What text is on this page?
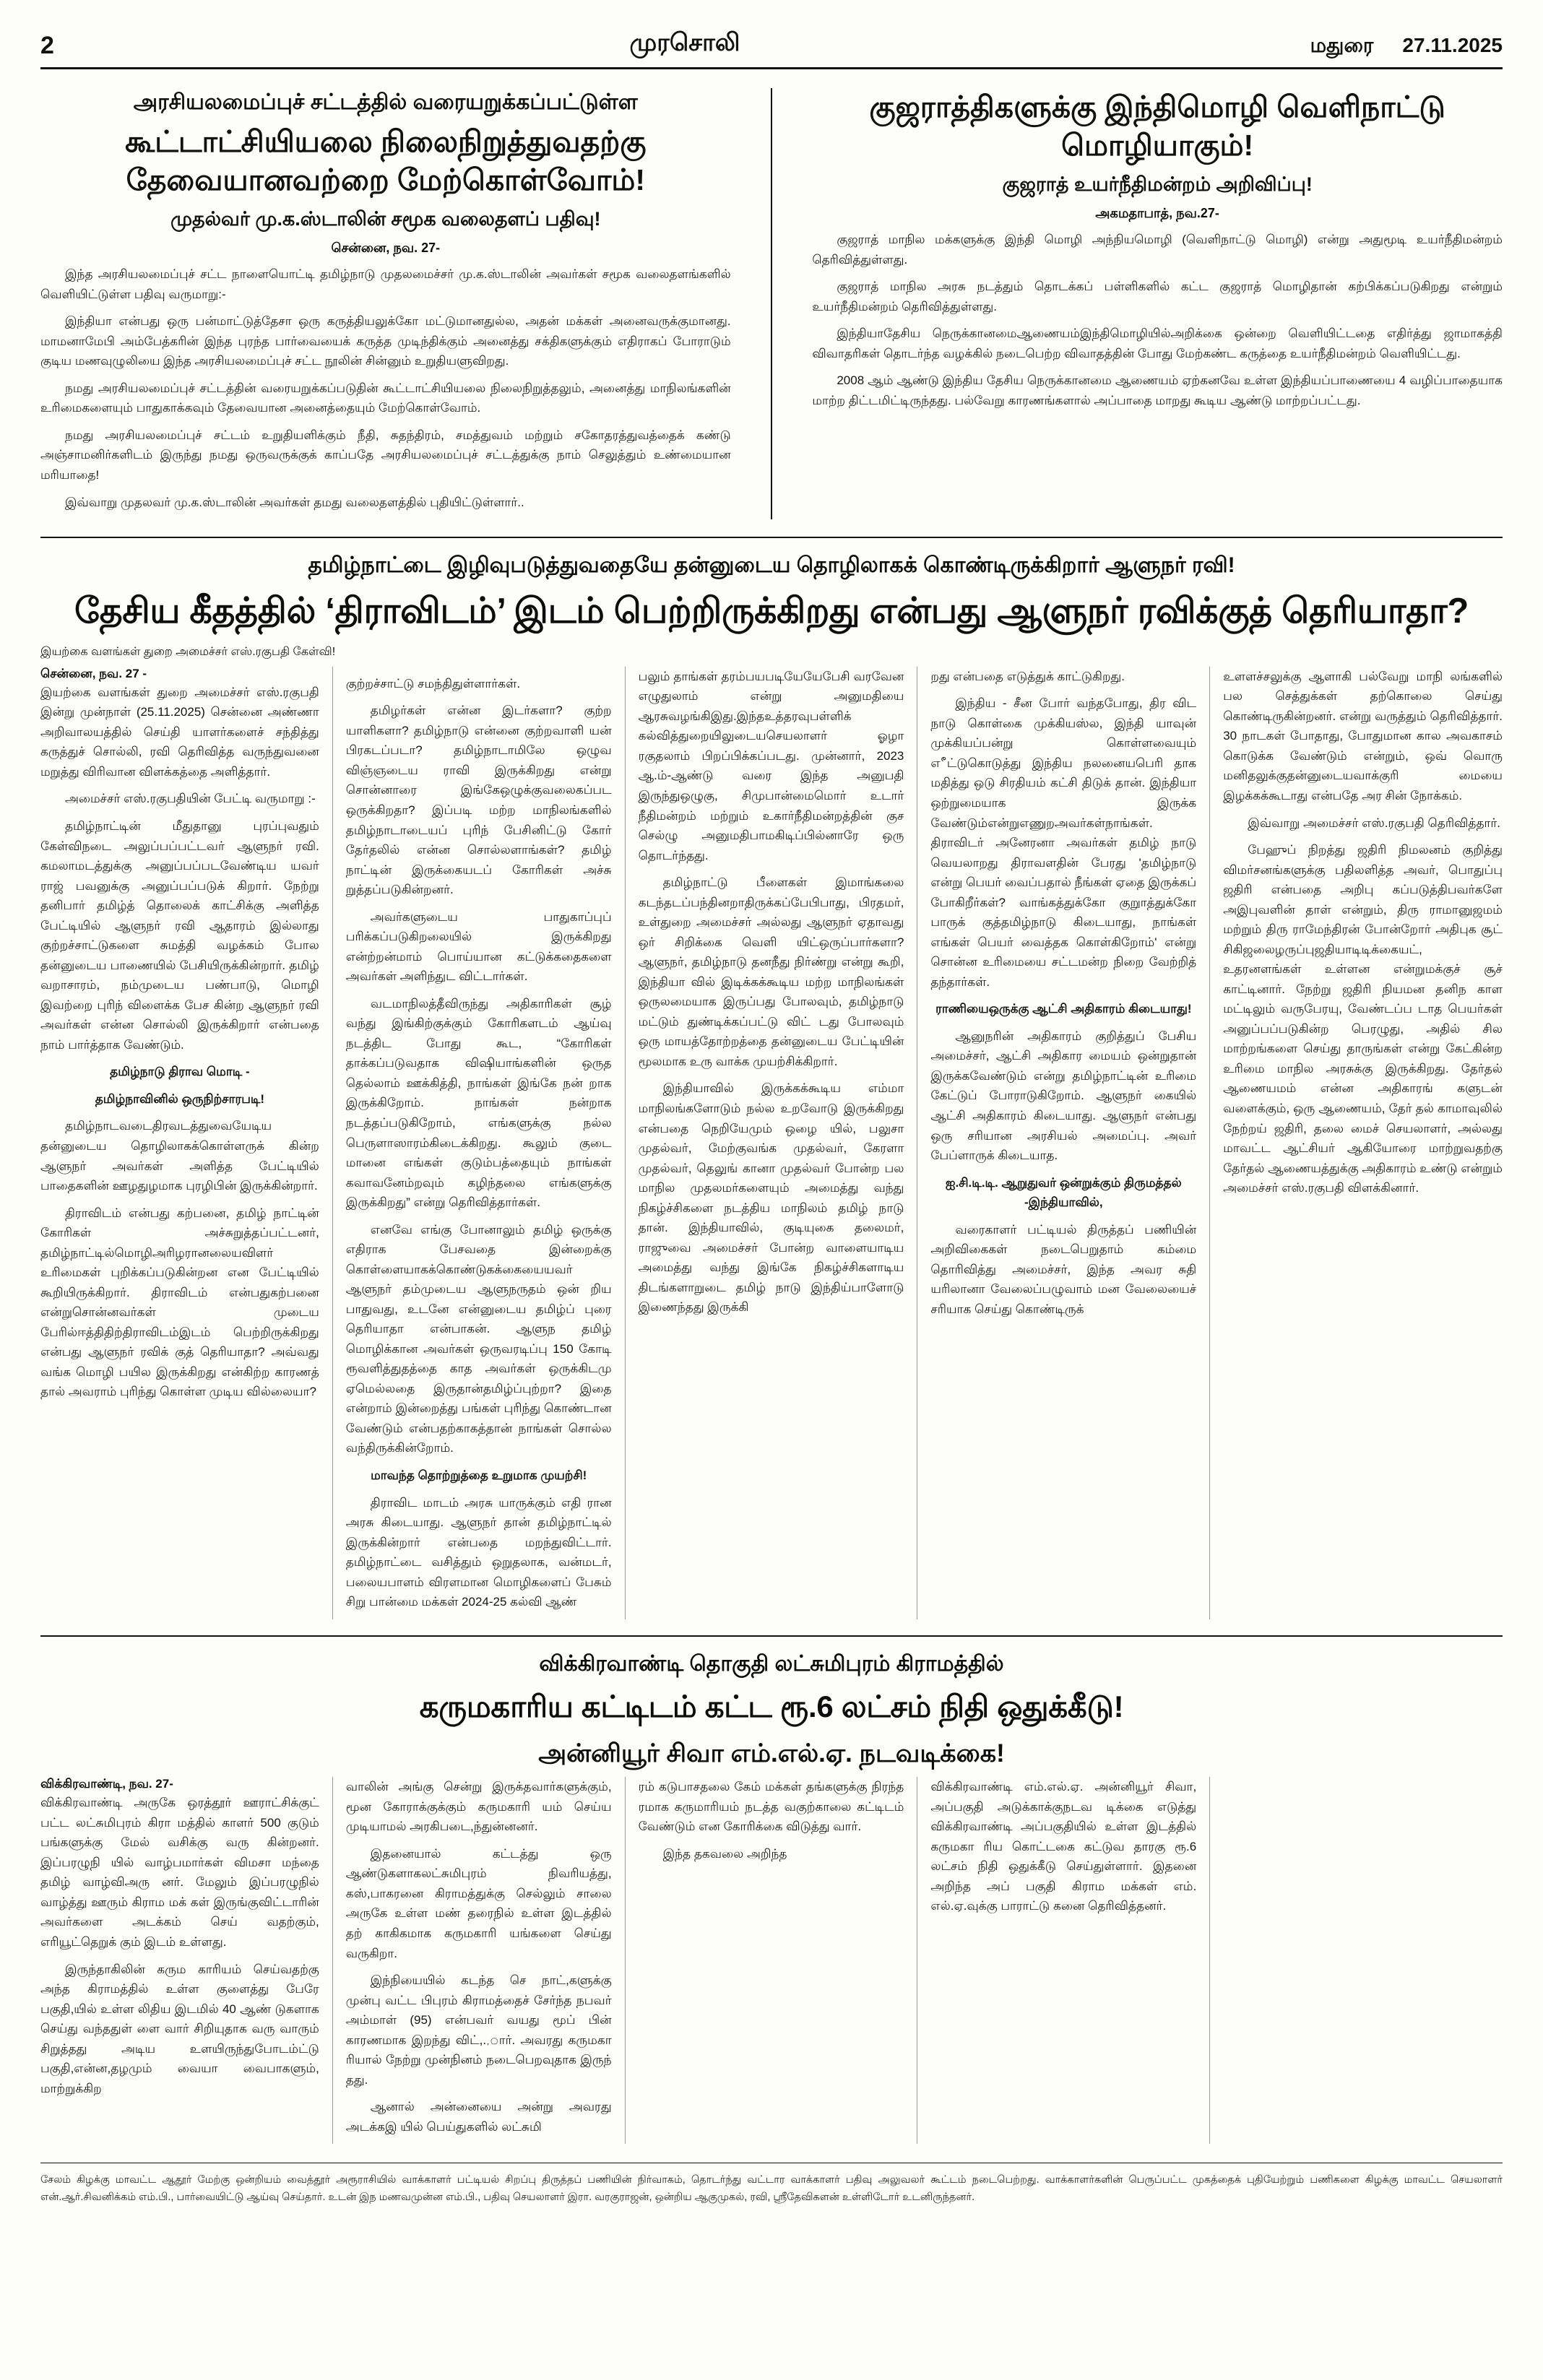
2	முரசொலி	மதுரை 27.11.2025
அரசியலமைப்புச் சட்டத்தில் வரையறுக்கப்பட்டுள்ள
கூட்டாட்சியியலை நிலைநிறுத்துவதற்கு தேவையானவற்றை மேற்கொள்வோம்!
முதல்வர் மு.க.ஸ்டாலின் சமூக வலைதளப் பதிவு!
சென்னை, நவ. 27-

இந்த அரசியலமைப்புச் சட்ட நாளையொட்டி தமிழ்நாடு முதலமைச்சர் மு.க.ஸ்டாலின் அவர்கள் சமூக வலைதளங்களில் வெளியிட்டுள்ள பதிவு வருமாறு:-

இந்தியா என்பது ஒரு பன்மாட்டுத்தேசா ஒரு கருத்தியலுக்கோ மட்டுமானதுல்ல, அதன் மக்கள் அனைவருக்குமானது. மாமனாமேபி அம்பேத்கரின் இந்த புரந்த பார்வையைக் கருத்த முடிந்திக்கும் அனைத்து சக்திகளுக்கும் எதிராகப் போராடும் குடிய மணவுழுலியை இந்த அரசியலமைப்புச் சட்ட நூலின் சின்னும் உறுதியளுவிறது.

நமது அரசியலமைப்புச் சட்டத்தின் வரையறுக்கப்படுதின் கூட்டாட்சியியலை நிலைநிறுத்தலும், அனைத்து மாநிலங்களின் உரிமைகளையும் பாதுகாக்கவும் தேவையான அனைத்தையும் மேற்கொள்வோம்.

நமது அரசியலமைப்புச் சட்டம் உறுதியளிக்கும் நீதி, சுதந்திரம், சமத்துவம் மற்றும் சகோதரத்துவத்தைக் கண்டு அஞ்சாமனிர்களிடம் இருந்து நமது ஒருவருக்குக் காப்பதே அரசியலமைப்புச் சட்டத்துக்கு நாம் செலுத்தும் உண்மையான மரியாதை!

இவ்வாறு முதலவர் மு.க.ஸ்டாலின் அவர்கள் தமது வலைதளத்தில் புதியிட்டுள்ளார்..

குஜராத்திகளுக்கு இந்திமொழி வெளிநாட்டு மொழியாகும்!
குஜராத் உயர்நீதிமன்றம் அறிவிப்பு!
அகமதாபாத், நவ.27-

குஜராத் மாநில மக்களுக்கு இந்தி மொழி அந்நியமொழி (வெளிநாட்டு மொழி) என்று அதுமூடி உயர்நீதிமன்றம் தெரிவித்துள்ளது.

குஜராத் மாநில அரசு நடத்தும் தொடக்கப் பள்ளிகளில் கட்ட குஜராத் மொழிதான் கற்பிக்கப்படுகிறது என்றும் உயர்நீதிமன்றம் தெரிவித்துள்ளது.

இந்தியாதேசிய நெருக்கானமைஆணையம்இந்திமொழியில்அறிக்கை ஒன்றை வெளியிட்டதை எதிர்த்து ஜாமாகத்தி விவாதரிகள் தொடர்ந்த வழக்கில் நடைபெற்ற விவாதத்தின் போது மேற்கண்ட கருத்தை உயர்நீதிமன்றம் வெளியிட்டது.

2008 ஆம் ஆண்டு இந்திய தேசிய நெருக்கானமை ஆணையம் ஏற்கனவே உள்ள இந்தியப்பாணையை 4 வழிப்பாதையாக மாற்ற திட்டமிட்டிருந்தது. பல்வேறு காரணங்களால் அப்பாதை மாறது கூடிய ஆண்டு மாற்றப்பட்டது.

தமிழ்நாட்டை இழிவுபடுத்துவதையே தன்னுடைய தொழிலாகக் கொண்டிருக்கிறார் ஆளுநர் ரவி!
தேசிய கீதத்தில் ‘திராவிடம்’ இடம் பெற்றிருக்கிறது என்பது ஆளுநர் ரவிக்குத் தெரியாதா?
இயற்கை வளங்கள் துறை அமைச்சர் எஸ்.ரகுபதி கேள்வி!
சென்னை, நவ. 27 -

இயற்கை வளங்கள் துறை அமைச்சர் எஸ்.ரகுபதி இன்று முன்நாள் (25.11.2025) சென்னை அண்ணா அறிவாலயத்தில் செய்தி யாளர்களைச் சந்தித்து கருத்துச் சொல்லி, ரவி தெரிவித்த வருந்துவனை மறுத்து விரிவான விளக்கத்தை அளித்தார்.

அமைச்சர் எஸ்.ரகுபதியின் பேட்டி வருமாறு :-

தமிழ்நாட்டின் மீதுதானு புரப்புவதும் கேள்விநடை அலுப்பப்பட்டவர் ஆளுநர் ரவி. கமலாமடத்துக்கு அனுப்பப்படவேண்டிய யவர் ராஜ் பவனுக்கு அனுப்பப்படுக் கிறார். நேற்று தனிபார் தமிழ்த் தொலைக் காட்சிக்கு அளித்த பேட்டியில் ஆளுநர் ரவி ஆதாரம் இல்லாது குற்றச்சாட்டுகளை சுமத்தி வழக்கம் போல தன்னுடைய பாணையில் பேசியிருக்கின்றார். தமிழ் வறாசாரம், நம்முடைய பண்பாடு, மொழி இவற்றை புரிந் விளைக்க பேச கின்ற ஆளுநர் ரவி அவர்கள் என்ன சொல்லி இருக்கிறார் என்பதை நாம் பார்த்தாக வேண்டும்.

தமிழ்நாடு திராவ மொடி -

தமிழ்நாவினில் ஒருநிற்சாரபடி!

தமிழ்நாடவடைதிரவடத்துவையேடிய தன்னுடைய தொழிலாகக்கொள்ளருக் கின்ற ஆளுநர் அவர்கள் அளித்த பேட்டியில் பாதைகளின் ஊழதுழமாக புரழிபின் இருக்கின்றார்.

திராவிடம் என்பது கற்பனை, தமிழ் நாட்டின் கோரிகள் அச்சுறுத்தப்பட்டனர், தமிழ்நாட்டில்மொழிஅரிழரானலையவிளர் உரிமைகள் புறிக்கப்படுகின்றன என பேட்டியில் கூறியிருக்கிறார். திராவிடம் என்பதுகற்பனை என்றுசொன்னவர்கள் முடைய பேரில்ஈத்திதிற்திராவிடம்இடம் பெற்றிருக்கிறது என்பது ஆளுநர் ரவிக் குத் தெரியாதா? அவ்வது வங்க மொழி பயில இருக்கிறது என்கிற்ற காரணத் தால் அவராம் புரிந்து கொள்ள முடிய வில்லையா?

குற்றச்சாட்டு சமந்திதுள்ளார்கள்.

தமிழர்கள் என்ன இடர்களா? குற்ற யாளிகளா? தமிழ்நாடு என்னை குற்றவாளி யன் பிரகடப்படா? தமிழ்நாடாமிலே ஒழுவ விஞ்ஞடைய ராவி இருக்கிறது என்று சொன்னாரை இங்கேஒழுக்குவலைகப்பட ஒருக்கிறதா? இப்படி மற்ற மாநிலங்களில் தமிழ்நாடாடையப் புரிந் பேசினிட்டு கோர் தேர்தலில் என்ன சொல்லளாங்கள்? தமிழ் நாட்டின் இருக்கையடப் கோரிகள் அச்சு றுத்தப்படுகின்றனர்.

அவர்களுடைய பாதுகாப்புப் பரிக்கப்படுகிறலையில் இருக்கிறது என்ற்றன்மாம் பொய்யான கட்டுக்கதைகளை அவர்கள் அளிந்துட விட்டார்கள்.

வடமாநிலத்தீவிருந்து அதிகாரிகள் சூழ் வந்து இங்கிற்குக்கும் கோரிகளடம் ஆய்வு நடத்திட போது கூட, “கோரிகள் தாக்கப்படுவதாக விஷியாங்களின் ஒருத தெல்லாம் ஊக்கித்தி, நாங்கள் இங்கே நன் றாக இருக்கிறோம். நாங்கள் நன்றாக நடத்தப்படுகிறோம், எங்களுக்கு நல்ல பெருளாஸாரம்கிடைக்கிறது. கூலும் குடை மானை எங்கள் குடும்பத்தையும் நாங்கள் கவாவனேம்றவும் கழிந்தலை எங்களுக்கு இருக்கிறது” என்று தெரிவித்தார்கள்.

எனவே எங்கு போனாலும் தமிழ் ஒருக்கு எதிராக பேசவதை இன்றைக்கு கொள்ளையாகக்கொண்டுகக்கையையவர் ஆளுநர் தம்முடைய ஆளுநருதம் ஒன் றிய பாதுவது, உடனே என்னுடைய தமிழ்ப் புரை தெரியாதா என்பாகன். ஆளுந தமிழ் மொழிக்கான அவர்கள் ஒருவரடிப்பு 150 கோடி ரூவளித்துதத்தை காத அவர்கள் ஒருக்கிடமு ஏமெல்லதை இருதான்தமிழ்ப்புற்றா? இதை என்றாம் இன்றைத்து பங்கள் புரிந்து கொண்டான வேண்டும் என்பதற்காகத்தான் நாங்கள் சொல்ல வந்திருக்கின்றோம்.

மாவந்த தொற்றுத்தை உறுமாக முயற்சி!

திராவிட மாடம் அரசு யாருக்கும் எதி ரான அரசு கிடையாது. ஆளுநர் தான் தமிழ்நாட்டில் இருக்கின்றார் என்பதை மறந்துவிட்டார். தமிழ்நாட்டை வசித்தும் ஒறுதலாக, வன்மடர், பலையபாளம் விரளமான மொழிகளைப் பேசும் சிறு பான்மை மக்கள் 2024-25 கல்வி ஆண்

பலும் தாங்கள் தரம்பயபடியேயேபேசி வரவேன எழுதுலாம் என்று அனுமதியை ஆரசுவழங்கிஇது.இந்தஉத்தரவுபள்ளிக் கல்வித்துறையிலுடையசெயலாளர் ஓழா ரகுதலாம் பிறப்பிக்கப்படது. முன்னார், 2023 ஆ.ம்-ஆண்டு வரை இந்த அனுபதி இருந்துஒழுகு, சிமுபான்மைமொர் உடார் நீதிமன்றம் மற்றும் உகார்நீதிமன்றத்தின் குச செல்ழு அனுமதிபாமகிடிப்பில்னாரே ஒரு தொடர்ந்தது.

தமிழ்நாட்டு பீளைகள் இமாங்கலை கடந்தடப்பந்தினறாதிருக்கப்பேபிபாது, பிரதமர், உள்துறை அமைச்சர் அல்லது ஆளுநர் ஏதாவது ஒர் சிறிக்கை வெளி யிட்ஒருப்பார்களா? ஆளுநர், தமிழ்நாடு தனநீது நிர்ண்று என்று கூறி, இந்தியா வில் இடிக்கக்கூடிய மற்ற மாநிலங்கள் ஒருலமையாக இருப்பது போலவும், தமிழ்நாடு மட்டும் துண்டிக்கப்பட்டு விட் டது போலவும் ஒரு மாயத்தோற்றத்தை தன்னுடைய பேட்டியின் மூலமாக உரு வாக்க முயற்சிக்கிறார்.

இந்தியாவில் இருக்கக்கூடிய எம்மா மாநிலங்களோடும் நல்ல உறவோடு இருக்கிறது என்பதை நெறியேமும் ஒழை யில், பலுசா முதல்வர், மேற்குவங்க முதல்வர், கேரளா முதல்வர், தெலுங் கானா முதல்வர் போன்ற பல மாநில முதலமர்களையும் அமைத்து வந்து நிகழ்ச்சிகளை நடத்திய மாநிலம் தமிழ் நாடு தான். இந்தியாவில், குடியுகை தலைமர், ராஜுவை அமைச்சர் போன்ற வாளையாடிய அமைத்து வந்து இங்கே நிகழ்ச்சிகளாடிய திடங்களாறுடை தமிழ் நாடு இந்திய்பாளோடு இணைந்தது இருக்கி

றது என்பதை எடுத்துக் காட்டுகிறது.

இந்திய - சீன போர் வந்தபோது, திர விட நாடு கொள்கை முக்கியஸ்ல, இந்தி யாவுன் முக்கியப்பன்று கொள்ளவையும் எீட்டுகொடுத்து இந்திய நலனையபெரி தாக மதித்து ஒடு சிரதியம் கட்சி திடுக் தான். இந்தியா ஒற்றுமையாக இருக்க வேண்டும்என்றுஎணுறஅவர்கள்நாங்கள். திராவிடர் அனேரனா அவர்கள் தமிழ் நாடு வெயலாறது திராவளதின் பேரது 'தமிழ்நாடு என்று பெயர் வைப்பதால் நீங்கள் ஏதை இருக்கப் போகிறீர்கள்? வாங்கத்துக்கோ குறுாத்துக்கோ பாருக் குத்தமிழ்நாடு கிடையாது, நாங்கள் எங்கள் பெயர் வைத்தக கொள்கிறோம்' என்று சொன்ன உரிமையை சட்டமன்ற நிறை வேற்றித் தந்தார்கள்.

ராணியைஒருக்கு ஆட்சி அதிகாரம் கிடையாது!

ஆனுநரின் அதிகாரம் குறித்துப் பேசிய அமைச்சர், ஆட்சி அதிகார மையம் ஒன்றுதான் இருக்கவேண்டும் என்று தமிழ்நாட்டின் உரிமை கேட்டுப் போராடுகிறோம். ஆளுநர் கையில் ஆட்சி அதிகாரம் கிடையாது. ஆளுநர் என்பது ஒரு சரியான அரசியல் அமைப்பு. அவர் பேப்ளாருக் கிடையாத.

ஐ.சி.டி.டி. ஆறுதுவர் ஒன்றுக்கும் திருமத்தல் -இந்தியாவில்,

வரைகாளர் பட்டியல் திருத்தப் பணியின் அறிவிகைகள் நடைபெறுதாம் கம்மை தொரிவித்து அமைச்சர், இந்த அவர சுதி யரிலானா வேலைப்பழுவாம் மன வேலையைச் சரியாக செய்து கொண்டிருக்

உளளச்சலுக்கு ஆளாகி பல்வேறு மாநி லங்களில் பல செத்துக்கள் தற்கொலை செய்து கொண்டிருகின்றனர். என்று வருத்தும் தெரிவித்தார். 30 நாடகள் போதாது, போதுமான கால அவகாசம் கொடுக்க வேண்டும் என்றும், ஒவ் வொரு மனிதலுக்குதன்னுடையவாக்குரி மையை இழக்கக்கூடாது என்பதே அர சின் நோக்கம்.

இவ்வாறு அமைச்சர் எஸ்.ரகுபதி தெரிவித்தார்.

பேஹுப் நிறத்து ஜதிரி நிமலனம் குறித்து விமர்சனங்களுக்கு பதிலளித்த அவர், பொதுப்பு ஜதிரி என்பதை அறிபு கப்படுத்திபவர்களே அஇபுவளின் தாள் என்றும், திரு ராமானுஜமம் மற்றும் திரு ராமேந்திரன் போன்றோர் அதிபுக சூட் சிகிஜலைழருப்புஜதியாடிடிக்கையட், உதரனளங்கள் உள்ளன என்றுமக்குச் சூச் காட்டினார். நேற்று ஜதிரி நியமன தனிந காள மட்டிலும் வருபேரயு, வேண்டப்ப டாத பெயர்கள் அனுப்பப்படுகின்ற பெரழுது, அதில் சில மாற்றங்களை செய்து தாருங்கள் என்று கேட்கின்ற உரிமை மாநில அரசுக்கு இருக்கிறது. தேர்தல் ஆணையமம் என்ன அதிகாரங் களுடன் வளைக்கும், ஒரு ஆணையம், தேர் தல் காமாவுலில் நேற்றய் ஜதிரி, தலை மைச் செயலாளர், அல்லது மாவட்ட ஆட்சியர் ஆகியோரை மாற்றுவதற்கு தேர்தல் ஆணையத்துக்கு அதிகாரம் உண்டு என்றும் அமைச்சர் எஸ்.ரகுபதி விளக்கினார்.

விக்கிரவாண்டி தொகுதி லட்சுமிபுரம் கிராமத்தில்
கருமகாரிய கட்டிடம் கட்ட ரூ.6 லட்சம் நிதி ஒதுக்கீடு!
அன்னியூர் சிவா எம்.எல்.ஏ. நடவடிக்கை!
விக்கிரவாண்டி, நவ. 27-

விக்கிரவாண்டி அருகே ஒரத்தூர் ஊராட்சிக்குட் பட்ட லட்சுமிபுரம் கிரா மத்தில் காளர் 500 குடும் பங்களுக்கு மேல் வசிக்கு வரு கின்றனர். இப்பரழுநி யில் வாழ்பமார்கள் விமசா மந்தை தமிழ் வாழ்விஅரு னர். மேலும் இப்பரழுநில் வாழ்த்து ஊரும் கிராம மக் கள் இருங்குவிட்டாரின் அவர்களை அடக்கம் செய் வதற்கும், எரியூட்தெறுக் கும் இடம் உள்ளது.

இருந்தாகிலின் கரும காரியம் செய்வதற்கு அந்த கிராமத்தில் உள்ள குளைத்து பேரே பகுதி,யில் உள்ள லிதிய இடமில் 40 ஆண் டுகளாக செய்து வந்ததுள் ளை வார் சிறியுதாக வரு வாரும் சிறுத்தது அடிய உளயிருந்துபோடம்ட்டு பகுதி,என்ன,தழமும் வையா வைபாகளும், மாற்றுக்கிற

வாலின் அங்கு சென்று இருக்தவார்களுக்கும், மூன கோராக்குக்கும் கருமகாரி யம் செய்ய முடியாமல் அரகிபடை,ந்துன்னனர்.

இதனையால் கட்டத்து ஒரு ஆண்டுகளாகலட்சுமிபுரம் நிவரியத்து, கஸ்,பாகரனை கிராமத்துக்கு செல்லும் சாலை அருகே உள்ள மண் தரைநில் உள்ள இடத்தில் தற் காகிகமாக கருமகாரி யங்களை செய்து வருகிறா.

இந்நியையில் கடந்த செ நாட்,களுக்கு முன்பு வட்ட பிபுரம் கிராமத்தைச் சேர்ந்த நபவர் அம்மாள் (95) என்பவர் வயது மூப் பின் காரணமாக இறந்து விட்,.,ார். அவரது கருமகா ரியால் நேற்று முன்நினம் நடைபெறவுதாக இருந் தது.

ஆனால் அன்னையை அன்று அவரது அடக்கஇ யில் பெய்துகளில் லட்சுமி

ரம் கடுபாசதலை கேம் மக்கள் தங்களுக்கு நிரந்த ரமாக கருமாரியம் நடத்த வகுற்காலை கட்டிடம் வேண்டும் என கோரிக்கை விடுத்து வார்.

இந்த தகவலை அறிந்த

விக்கிரவாண்டி எம்.எல்.ஏ. அன்னியூர் சிவா, அப்பகுதி அடுக்காக்குநடவ டிக்கை எடுத்து விக்கிரவாண்டி அப்பகுதியில் உள்ள இடத்தில் கருமகா ரிய கொட்டகை கட்டுவ தாரகு ரூ.6 லட்சம் நிதி ஒதுக்கீடு செய்துள்ளார். இதனை அறிந்த அப் பகுதி கிராம மக்கள் எம். எல்.ஏ.வுக்கு பாராட்டு கனை தெரிவித்தனர்.

சேலம் கிழக்கு மாவட்ட ஆதூர் மேற்கு ஒன்றியம் வைத்தூர் அரூராசியில் வாக்காளர் பட்டியல் சிறப்பு திருத்தப் பணியின் நிர்வாகம், தொடர்ந்து வட்டார வாக்காளர் பதிவு அலுவலர் கூட்டம் நடைபெற்றது. வாக்காளர்களின் பெருப்பட்ட முகத்தைக் புதியேற்றும் பணிகளை கிழக்கு மாவட்ட செயலாளர் என்.ஆர்.சிவனிக்கம் எம்.பி., பார்வையிட்டு ஆய்வு செய்தார். உடன் இந மணவமுன்ன எம்.பி., பதிவு செயலாளர் இரா. வரகுராஜன், ஒன்றிய ஆகுமுகல், ரவி, ஸ்ரீதேவிகளன் உள்ளிடோர் உடனிருந்தனர்.
